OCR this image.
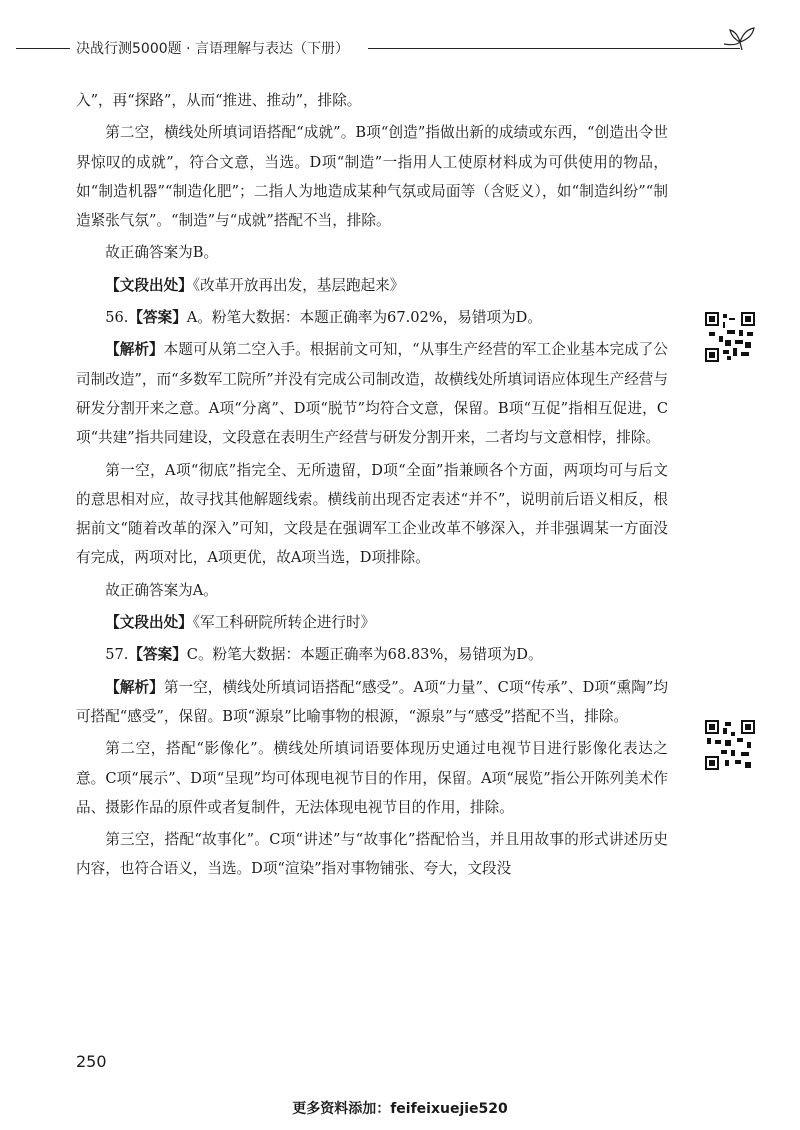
决战行测5000题 · 言语理解与表达（下册）

入”，再“探路”，从而“推进、推动”，排除。

第二空，横线处所填词语搭配“成就”。B项“创造”指做出新的成绩或东西，“创造出令世界惊叹的成就”，符合文意，当选。D项“制造”一指用人工使原材料成为可供使用的物品，如“制造机器”“制造化肥”；二指人为地造成某种气氛或局面等（含贬义），如“制造纠纷”“制造紧张气氛”。“制造”与“成就”搭配不当，排除。

故正确答案为B。

【文段出处】《改革开放再出发，基层跑起来》

56.【答案】A。粉笔大数据：本题正确率为67.02%，易错项为D。

【解析】本题可从第二空入手。根据前文可知，“从事生产经营的军工企业基本完成了公司制改造”，而“多数军工院所”并没有完成公司制改造，故横线处所填词语应体现生产经营与研发分割开来之意。A项“分离”、D项“脱节”均符合文意，保留。B项“互促”指相互促进，C项“共建”指共同建设，文段意在表明生产经营与研发分割开来，二者均与文意相悖，排除。

第一空，A项“彻底”指完全、无所遗留，D项“全面”指兼顾各个方面，两项均可与后文的意思相对应，故寻找其他解题线索。横线前出现否定表述“并不”，说明前后语义相反，根据前文“随着改革的深入”可知，文段是在强调军工企业改革不够深入，并非强调某一方面没有完成，两项对比，A项更优，故A项当选，D项排除。

故正确答案为A。

【文段出处】《军工科研院所转企进行时》

57.【答案】C。粉笔大数据：本题正确率为68.83%，易错项为D。

【解析】第一空，横线处所填词语搭配“感受”。A项“力量”、C项“传承”、D项“熏陶”均可搭配“感受”，保留。B项“源泉”比喻事物的根源，“源泉”与“感受”搭配不当，排除。

第二空，搭配“影像化”。横线处所填词语要体现历史通过电视节目进行影像化表达之意。C项“展示”、D项“呈现”均可体现电视节目的作用，保留。A项“展览”指公开陈列美术作品、摄影作品的原件或者复制件，无法体现电视节目的作用，排除。

第三空，搭配“故事化”。C项“讲述”与“故事化”搭配恰当，并且用故事的形式讲述历史内容，也符合语义，当选。D项“渲染”指对事物铺张、夸大，文段没

250
更多资料添加：feifeixuejie520
